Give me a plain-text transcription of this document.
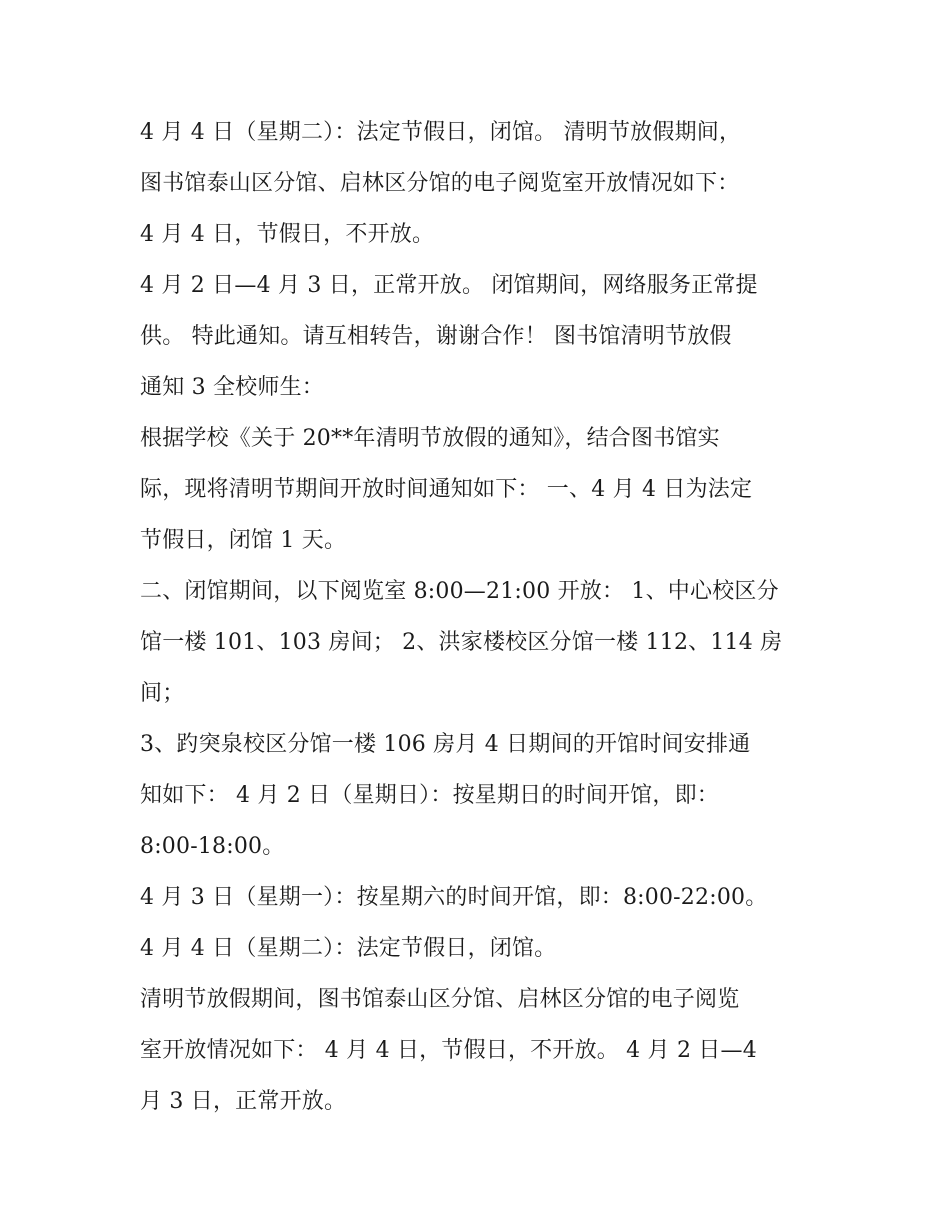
4 月 4 日（星期二）：法定节假日，闭馆。 清明节放假期间，
图书馆泰山区分馆、启林区分馆的电子阅览室开放情况如下：
4 月 4 日，节假日，不开放。
4 月 2 日—4 月 3 日，正常开放。 闭馆期间，网络服务正常提
供。 特此通知。请互相转告，谢谢合作！ 图书馆清明节放假
通知 3 全校师生：
根据学校《关于 20**年清明节放假的通知》，结合图书馆实
际，现将清明节期间开放时间通知如下： 一、4 月 4 日为法定
节假日，闭馆 1 天。
二、闭馆期间，以下阅览室 8:00—21:00 开放： 1、中心校区分
馆一楼 101、103 房间； 2、洪家楼校区分馆一楼 112、114 房
间；
3、趵突泉校区分馆一楼 106 房月 4 日期间的开馆时间安排通
知如下： 4 月 2 日（星期日）：按星期日的时间开馆，即：
8:00-18:00。
4 月 3 日（星期一）：按星期六的时间开馆，即：8:00-22:00。
4 月 4 日（星期二）：法定节假日，闭馆。
清明节放假期间，图书馆泰山区分馆、启林区分馆的电子阅览
室开放情况如下： 4 月 4 日，节假日，不开放。 4 月 2 日—4
月 3 日，正常开放。
